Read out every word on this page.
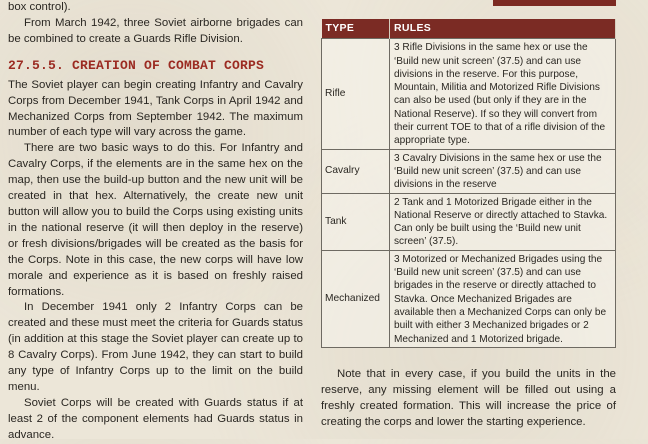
box control).

From March 1942, three Soviet airborne brigades can be combined to create a Guards Rifle Division.

27.5.5. CREATION OF COMBAT CORPS

The Soviet player can begin creating Infantry and Cavalry Corps from December 1941, Tank Corps in April 1942 and Mechanized Corps from September 1942. The maximum number of each type will vary across the game.

There are two basic ways to do this. For Infantry and Cavalry Corps, if the elements are in the same hex on the map, then use the build-up button and the new unit will be created in that hex. Alternatively, the create new unit button will allow you to build the Corps using existing units in the national reserve (it will then deploy in the reserve) or fresh divisions/brigades will be created as the basis for the Corps. Note in this case, the new corps will have low morale and experience as it is based on freshly raised formations.

In December 1941 only 2 Infantry Corps can be created and these must meet the criteria for Guards status (in addition at this stage the Soviet player can create up to 8 Cavalry Corps). From June 1942, they can start to build any type of Infantry Corps up to the limit on the build menu.

Soviet Corps will be created with Guards status if at least 2 of the component elements had Guards status in advance.

TYPE	RULES
Rifle	3 Rifle Divisions in the same hex or use the ‘Build new unit screen’ (37.5) and can use divisions in the reserve. For this purpose, Mountain, Militia and Motorized Rifle Divisions can also be used (but only if they are in the National Reserve). If so they will convert from their current TOE to that of a rifle division of the appropriate type.
Cavalry	3 Cavalry Divisions in the same hex or use the ‘Build new unit screen’ (37.5) and can use divisions in the reserve
Tank	2 Tank and 1 Motorized Brigade either in the National Reserve or directly attached to Stavka. Can only be built using the ‘Build new unit screen’ (37.5).
Mechanized	3 Motorized or Mechanized Brigades using the ‘Build new unit screen’ (37.5) and can use brigades in the reserve or directly attached to Stavka. Once Mechanized Brigades are available then a Mechanized Corps can only be built with either 3 Mechanized brigades or 2 Mechanized and 1 Motorized brigade.

Note that in every case, if you build the units in the reserve, any missing element will be filled out using a freshly created formation. This will increase the price of creating the corps and lower the starting experience.
